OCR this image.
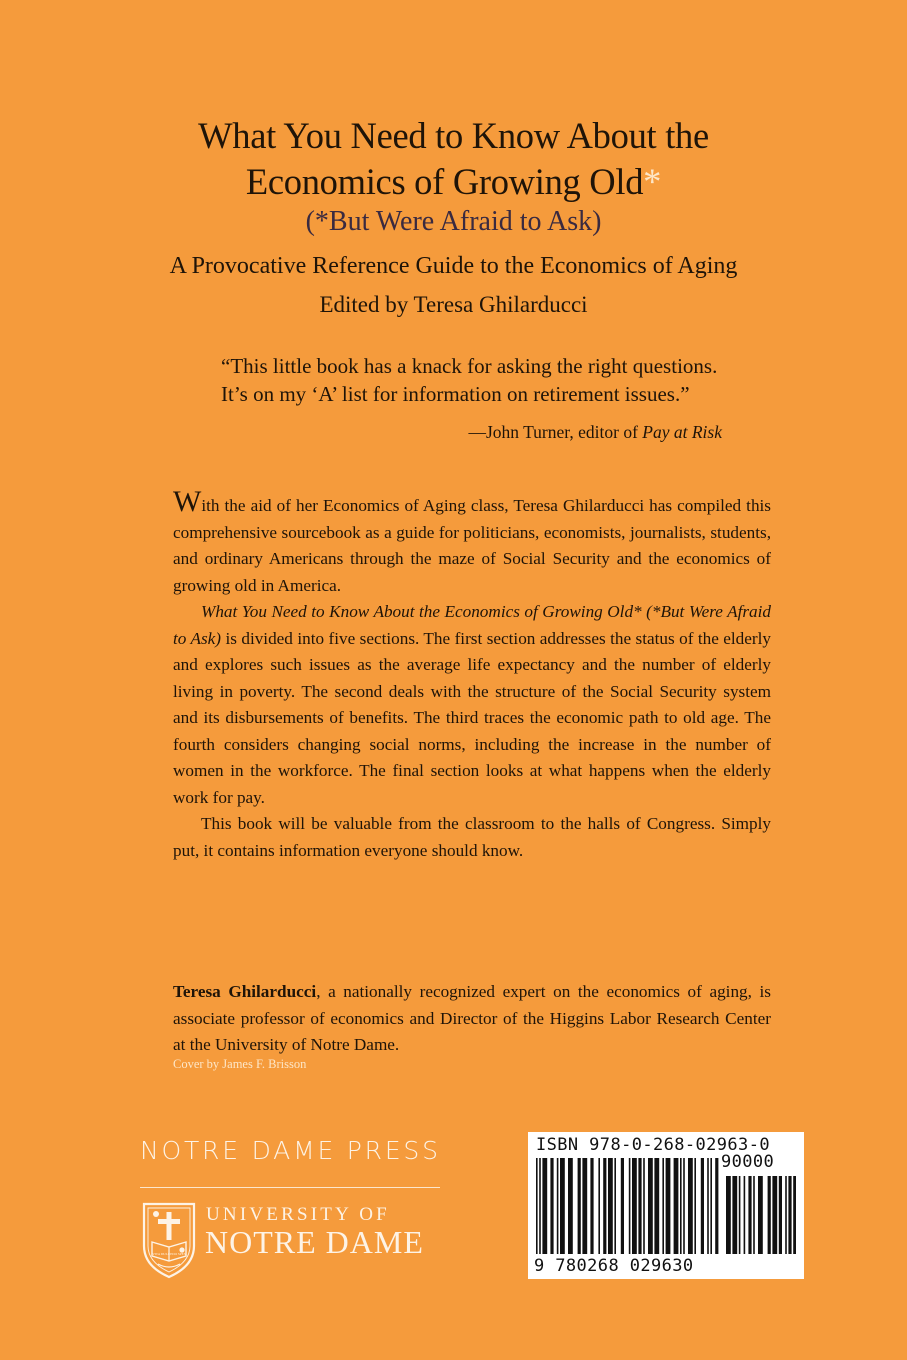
What You Need to Know About the
Economics of Growing Old*
(*But Were Afraid to Ask)
A Provocative Reference Guide to the Economics of Aging
Edited by Teresa Ghilarducci
“This little book has a knack for asking the right questions.
It’s on my ‘A’ list for information on retirement issues.”
—John Turner, editor of Pay at Risk

With the aid of her Economics of Aging class, Teresa Ghilarducci has compiled this comprehensive sourcebook as a guide for politicians, economists, journalists, students, and ordinary Americans through the maze of Social Security and the economics of growing old in America.

What You Need to Know About the Economics of Growing Old* (*But Were Afraid to Ask) is divided into five sections. The first section addresses the status of the elderly and explores such issues as the average life expectancy and the number of elderly living in poverty. The second deals with the structure of the Social Security system and its disbursements of benefits. The third traces the economic path to old age. The fourth considers changing social norms, including the increase in the number of women in the workforce. The final section looks at what happens when the elderly work for pay.

This book will be valuable from the classroom to the halls of Congress. Simply put, it contains information everyone should know.

Teresa Ghilarducci, a nationally recognized expert on the economics of aging, is associate professor of economics and Director of the Higgins Labor Research Center at the University of Notre Dame.

Cover by James F. Brisson
NOTRE DAME PRESS
VITA DULCEDO SPES
UNIVERSITY OF
NOTRE DAME
ISBN 978-0-268-02963-0
90000
9 780268 029630
